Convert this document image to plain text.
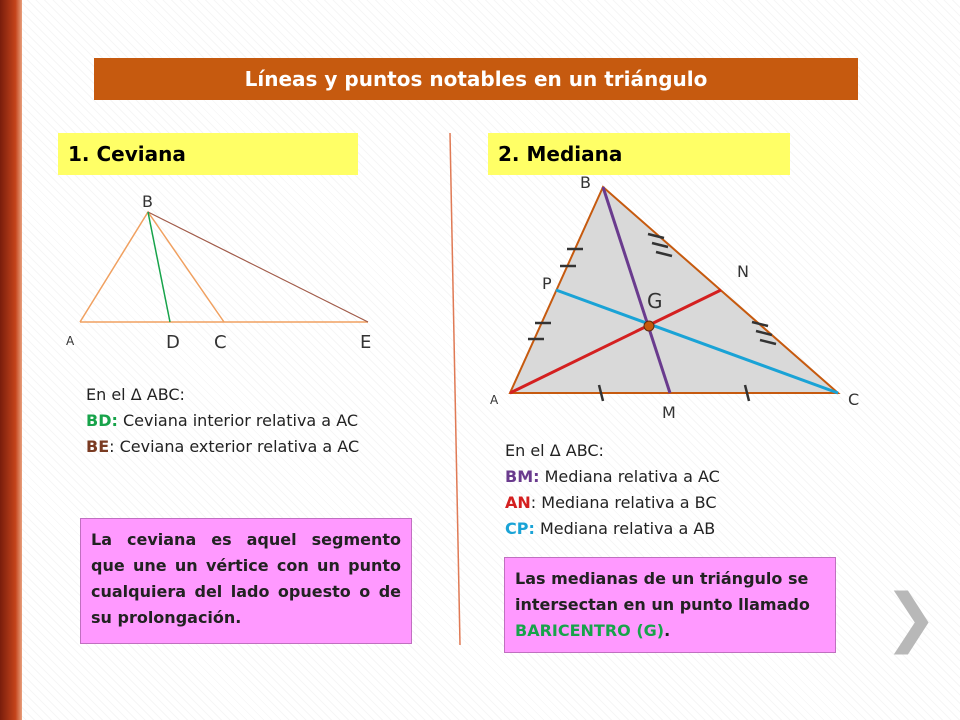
Líneas y puntos notables en un triángulo
1. Ceviana	2. Mediana
B
A	D C	E
B
P
N
G
A	C
M
En el Δ ABC:
BD: Ceviana interior relativa a AC
BE: Ceviana exterior relativa a AC	En el Δ ABC:
BM: Mediana relativa a AC
AN: Mediana relativa a BC
CP: Mediana relativa a AB
La ceviana es aquel segmento que une un vértice con un punto cualquiera del lado opuesto o de su prolongación.
Las medianas de un triángulo se intersectan en un punto llamado BARICENTRO (G).	❯
